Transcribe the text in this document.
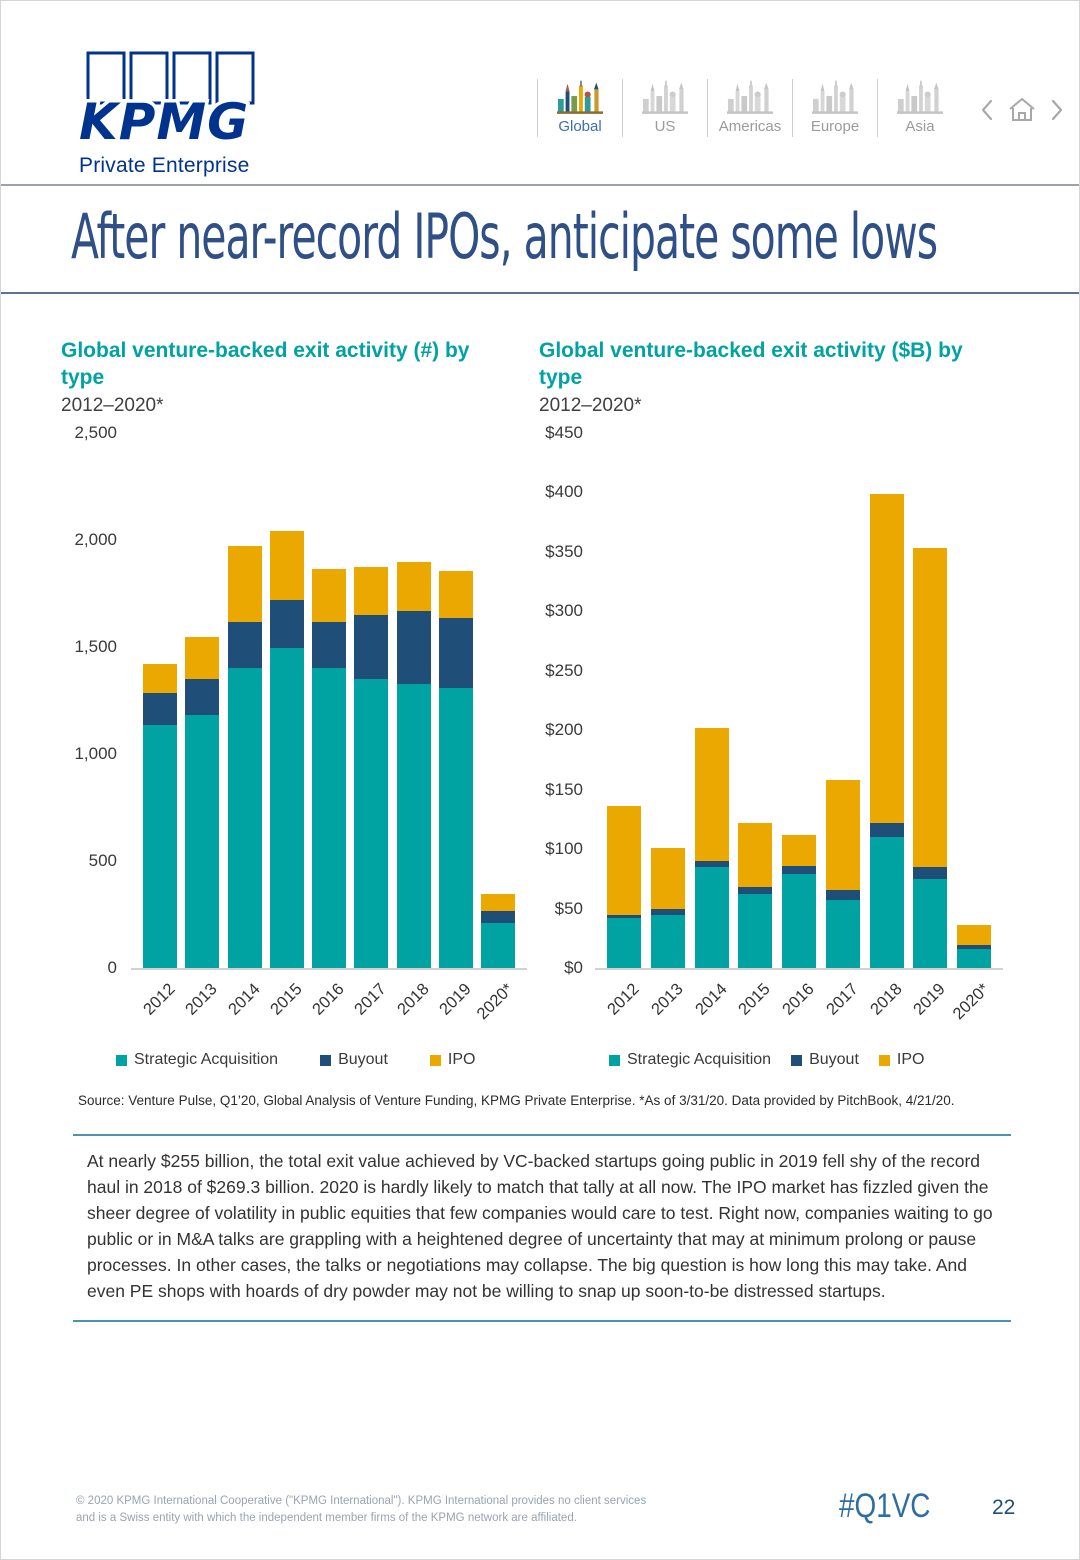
KPMG
Private Enterprise
Global	US	Americas	Europe	Asia
After near-record IPOs, anticipate some lows
Global venture-backed exit activity (#) by type
2012–2020*
0
500
1,000
1,500
2,000
2,500
2012 2013 2014 2015 2016 2017 2018 2019 2020*
Strategic Acquisition	Buyout	IPO
Global venture-backed exit activity ($B) by type
2012–2020*
$0
$50
$100
$150
$200
$250
$300
$350
$400
$450
2012 2013 2014 2015 2016 2017 2018 2019 2020*
Strategic Acquisition Buyout IPO
Source: Venture Pulse, Q1’20, Global Analysis of Venture Funding, KPMG Private Enterprise. *As of 3/31/20. Data provided by PitchBook, 4/21/20.
At nearly $255 billion, the total exit value achieved by VC-backed startups going public in 2019 fell shy of the record haul in 2018 of $269.3 billion. 2020 is hardly likely to match that tally at all now. The IPO market has fizzled given the sheer degree of volatility in public equities that few companies would care to test. Right now, companies waiting to go public or in M&A talks are grappling with a heightened degree of uncertainty that may at minimum prolong or pause processes. In other cases, the talks or negotiations may collapse. The big question is how long this may take. And even PE shops with hoards of dry powder may not be willing to snap up soon-to-be distressed startups.
© 2020 KPMG International Cooperative ("KPMG International"). KPMG International provides no client services and is a Swiss entity with which the independent member firms of the KPMG network are affiliated.	#Q1VC	22
